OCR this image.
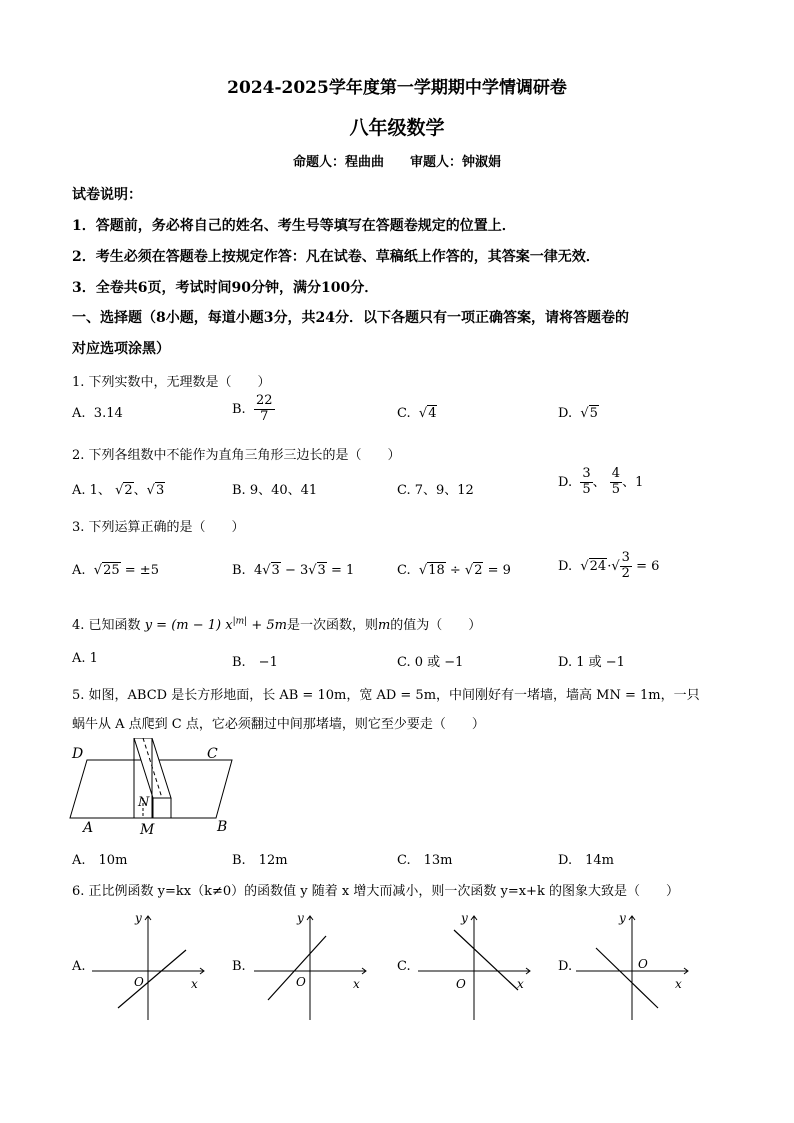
2024-2025学年度第一学期期中学情调研卷
八年级数学
命题人：程曲曲　　审题人：钟淑娟
试卷说明：
1．答题前，务必将自己的姓名、考生号等填写在答题卷规定的位置上．
2．考生必须在答题卷上按规定作答：凡在试卷、草稿纸上作答的，其答案一律无效．
3．全卷共6页，考试时间90分钟，满分100分．
一、选择题（8小题，每道小题3分，共24分．以下各题只有一项正确答案，请将答题卷的
对应选项涂黑）
1. 下列实数中，无理数是（　　）
A. 3.14	B. $\frac{22}{7}$	C.  √4	D.  √5
2. 下列各组数中不能作为直角三角形三边长的是（　　）
A. 1、 √2、√3	B. 9、40、41	C. 7、9、12
D. $\frac{3}{5}$ 、 $\frac{4}{5}$ 、1
3. 下列运算正确的是（　　）
A.  √25 = ±5	B. 4√3 − 3√3 = 1	C.  √18 ÷ √2 = 9	D.  $√24\cdot√ \frac{3}{2} = 6$
4. 已知函数 y = (m − 1) $x^{|m|} + 5m$是一次函数，则m的值为（　　）
A. 1	B.　−1	C. 0 或 −1	D. 1 或 −1
5. 如图，ABCD 是长方形地面，长 AB = 10m，宽 AD = 5m，中间刚好有一堵墙，墙高 MN = 1m，一只
蜗牛从 A 点爬到 C 点，它必须翻过中间那堵墙，则它至少要走（　　）
D	C
N
A	M	B
A.　10m	B.　12m	C.　13m	D.　14m
6. 正比例函数 y=kx（k≠0）的函数值 y 随着 x 增大而减小，则一次函数 y=x+k 的图象大致是（　　）
A.
y
x
O
B.
y
x
O
C.
y
x
O
D.
y
x
O
